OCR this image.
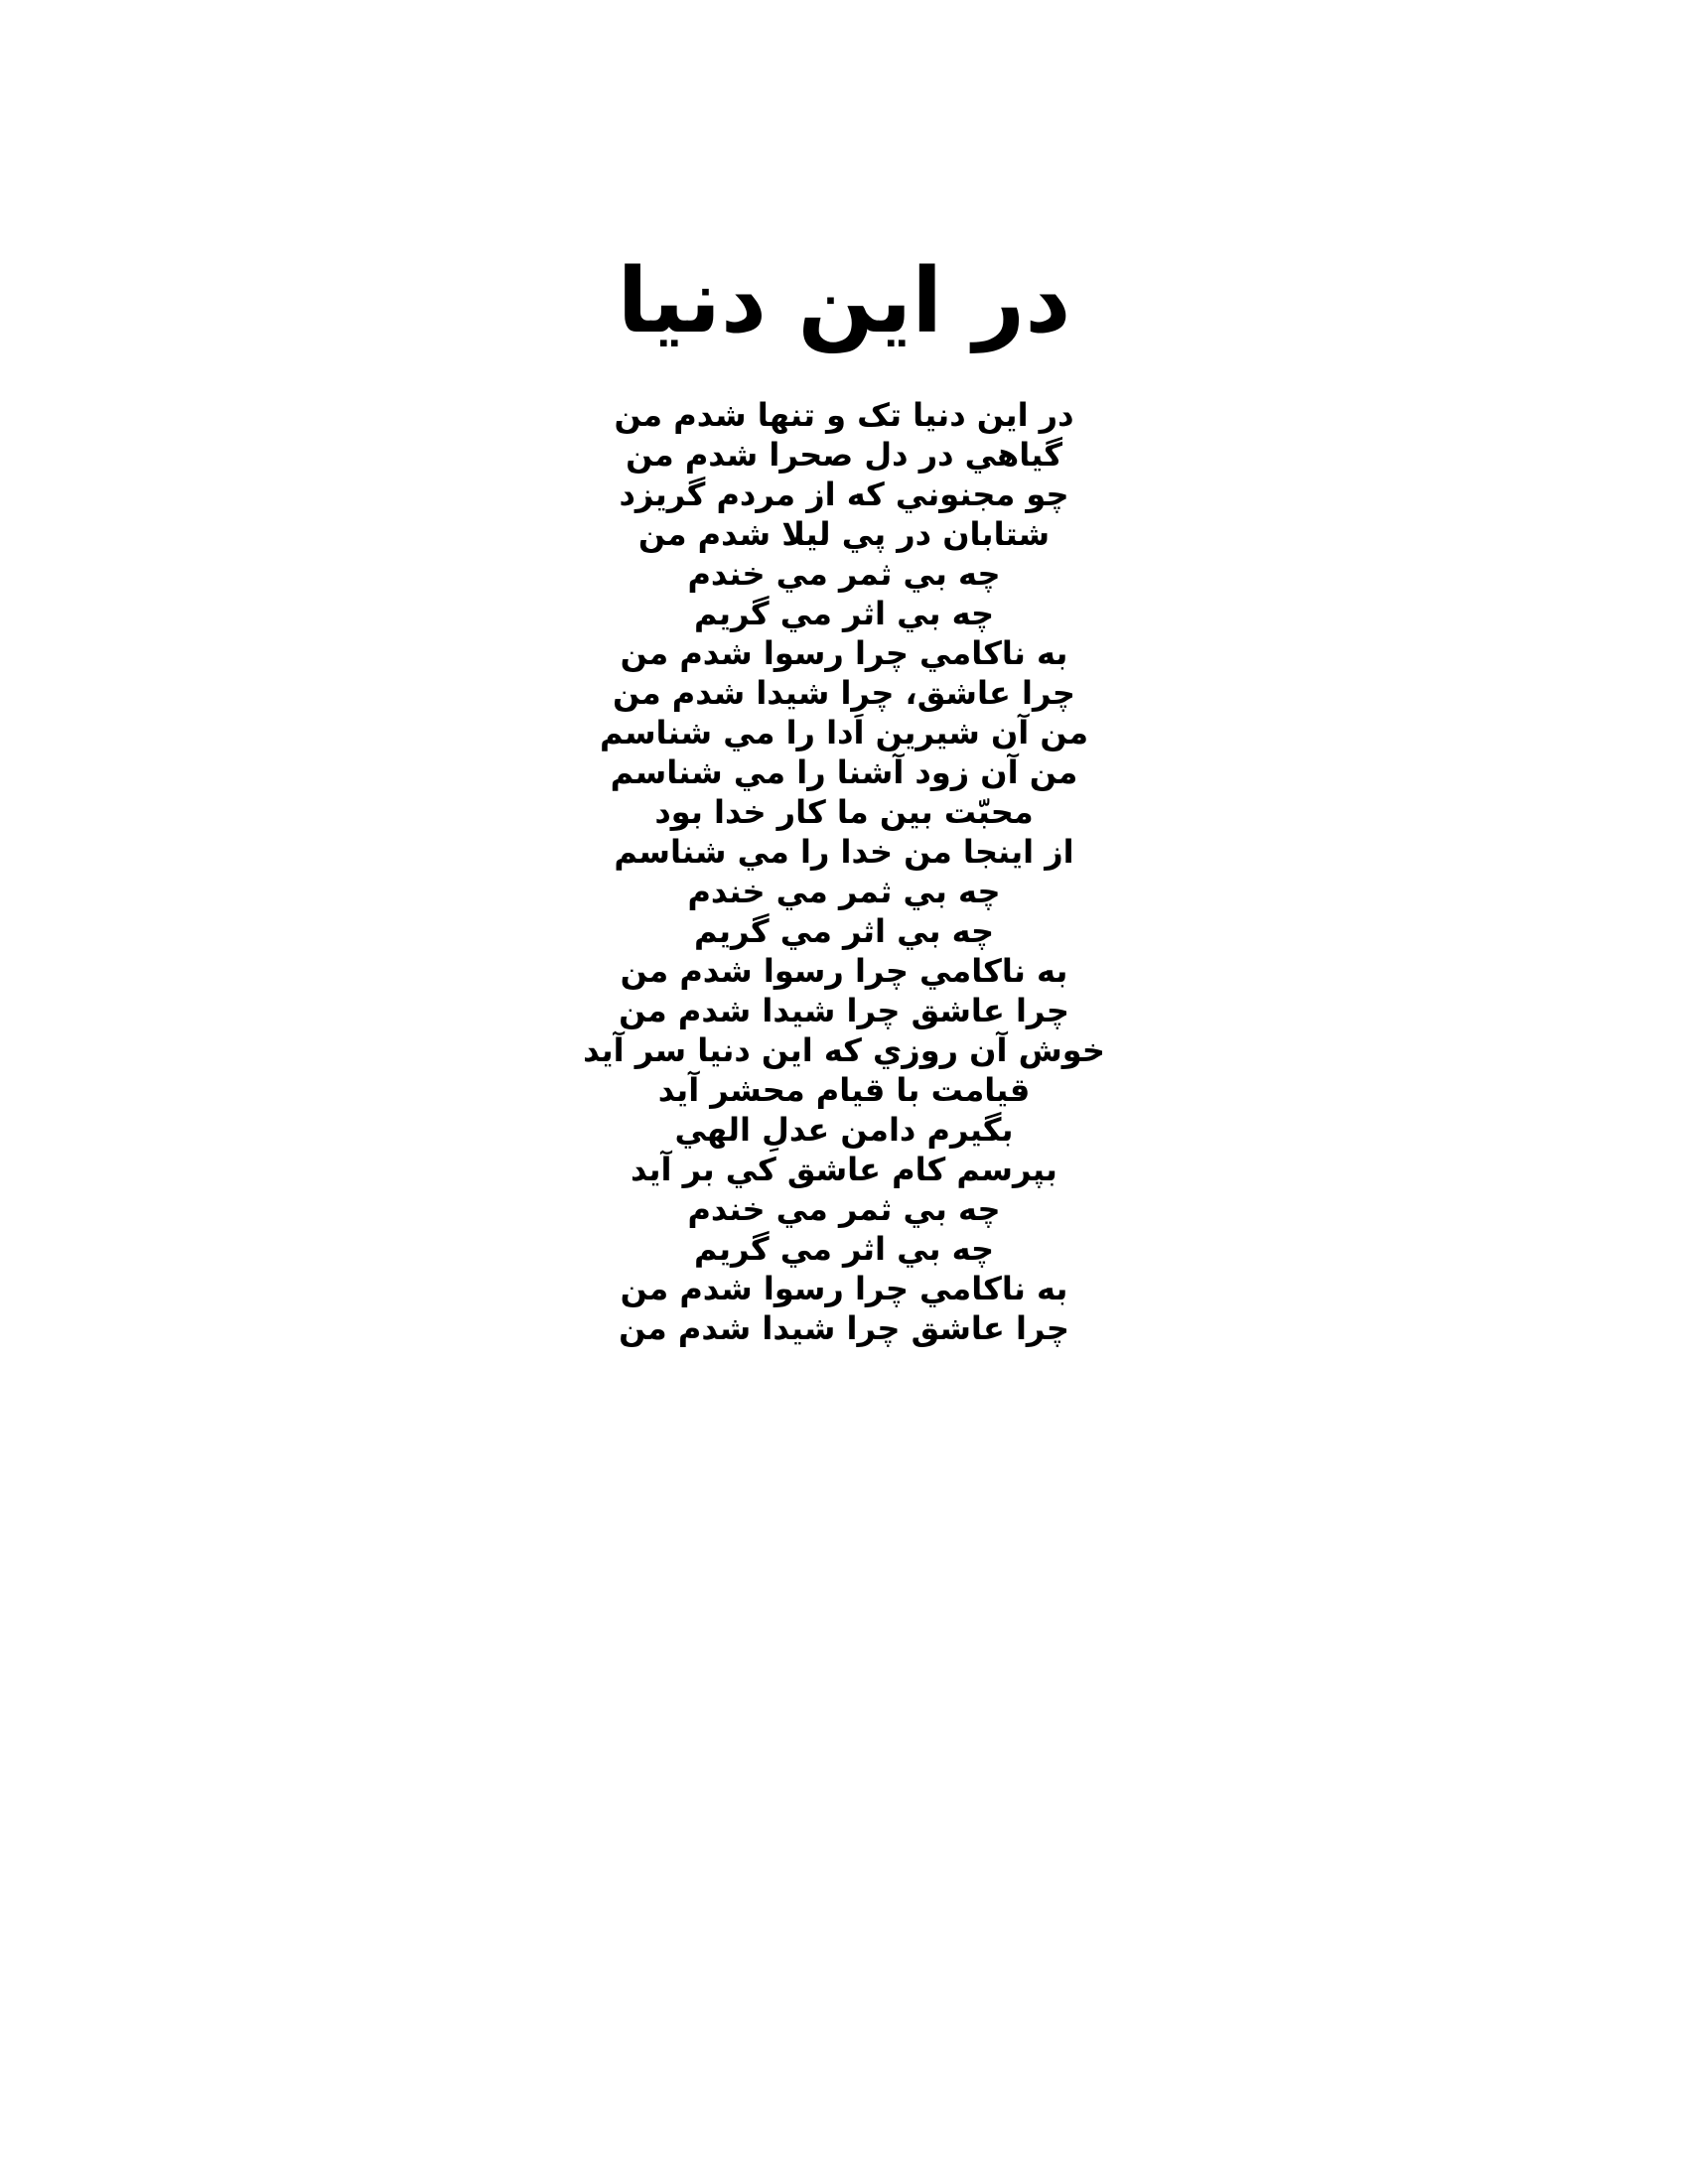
در اين دنيا
در اين دنيا تک و تنها شدم من
گياهي در دل صحرا شدم من
چو مجنوني که از مردم گريزد
شتابان در پي ليلا شدم من
چه بي ثمر مي خندم
چه بي اثر مي گريم
به ناکامي چرا رسوا شدم من
چرا عاشق، چرا شيدا شدم من
من آن شيرين اَدا را مي شناسم
من آن زود آشنا را مي شناسم
محبّت بين ما کار خدا بود
از اينجا من خدا را مي شناسم
چه بي ثمر مي خندم
چه بي اثر مي گريم
به ناکامي چرا رسوا شدم من
چرا عاشق چرا شيدا شدم من
خوش آن روزي که اين دنيا سر آيد
قيامت با قيام محشر آيد
بگيرم دامن عدلِ الهي
بپرسم کام عاشق کي بر آيد
چه بي ثمر مي خندم
چه بي اثر مي گريم
به ناکامي چرا رسوا شدم من
چرا عاشق چرا شيدا شدم من
